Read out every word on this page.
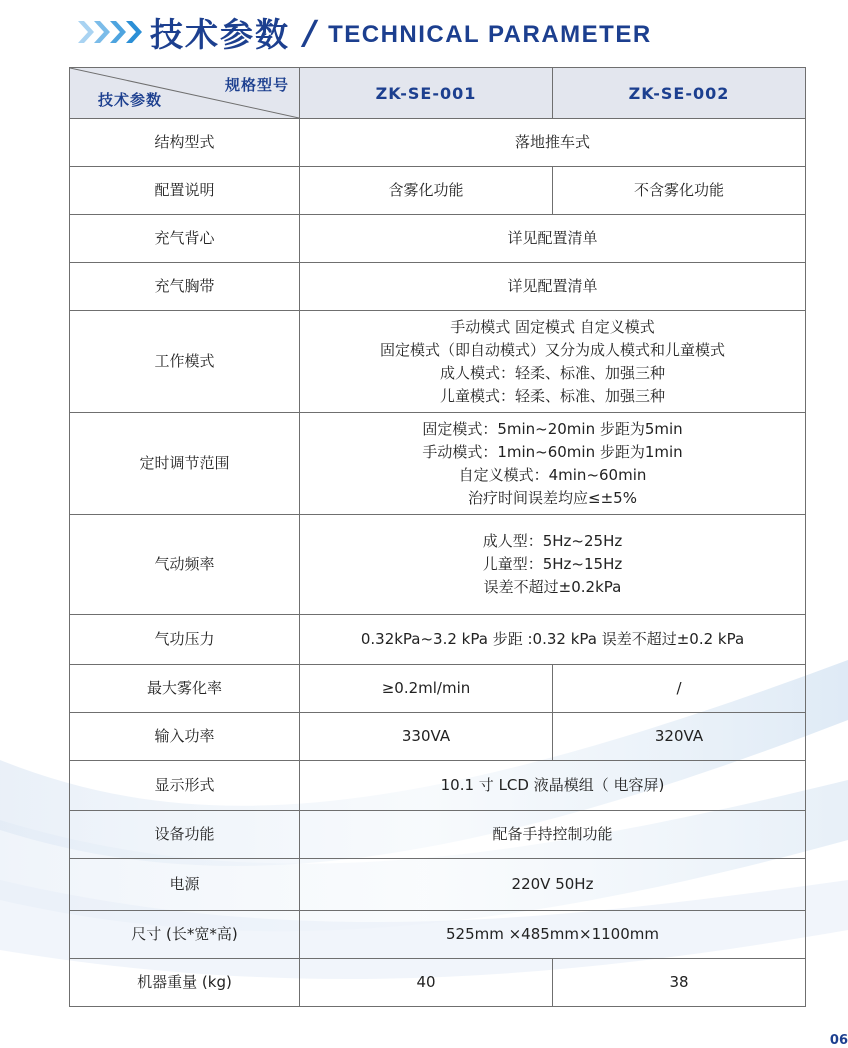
技术参数 / TECHNICAL PARAMETER
规格型号
技术参数	ZK-SE-001	ZK-SE-002
结构型式	落地推车式	

配置说明	含雾化功能	不含雾化功能
充气背心	详见配置清单	

充气胸带	详见配置清单	

工作模式	手动模式 固定模式 自定义模式
固定模式（即自动模式）又分为成人模式和儿童模式
成人模式：轻柔、标准、加强三种
儿童模式：轻柔、标准、加强三种	

定时调节范围	固定模式：5min~20min 步距为5min
手动模式：1min~60min 步距为1min
自定义模式：4min~60min
治疗时间误差均应≤±5%	

气动频率	成人型：5Hz~25Hz
儿童型：5Hz~15Hz
误差不超过±0.2kPa	

气功压力	0.32kPa~3.2 kPa 步距 :0.32 kPa 误差不超过±0.2 kPa	

最大雾化率	≥0.2ml/min	/
输入功率	330VA	320VA
显示形式	10.1 寸 LCD 液晶模组（ 电容屏)	

设备功能	配备手持控制功能	

电源	220V 50Hz	

尺寸 (长*宽*高)	525mm ×485mm×1100mm	

机器重量 (kg)	40	38
06
